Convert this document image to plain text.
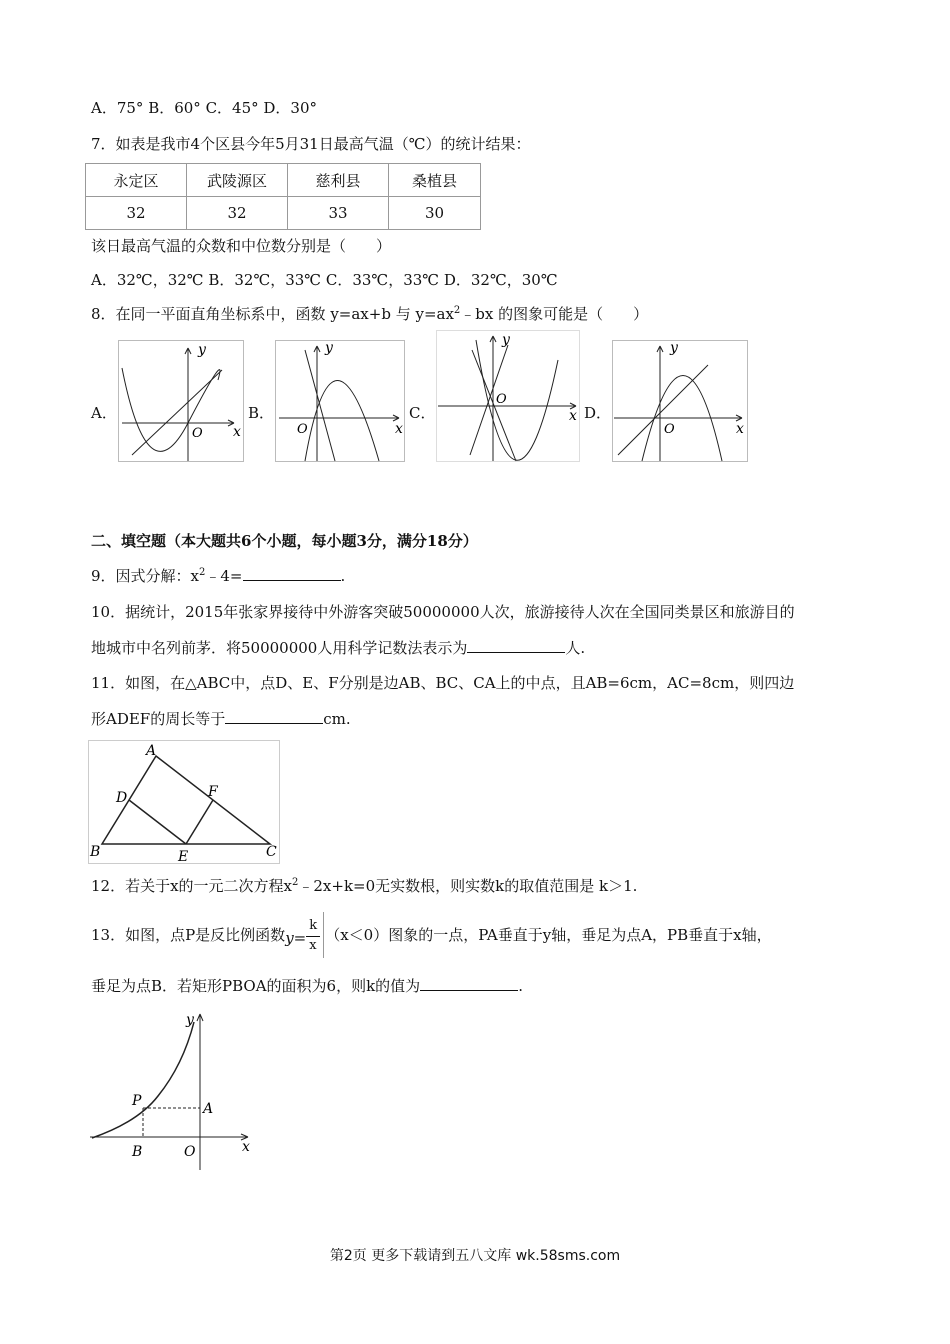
A．75° B．60° C．45° D．30°
7．如表是我市4个区县今年5月31日最高气温（℃）的统计结果：
永定区	武陵源区	慈利县	桑植县
32	32	33	30
该日最高气温的众数和中位数分别是（　　）
A．32℃，32℃ B．32℃，33℃ C．33℃，33℃ D．32℃，30℃
8．在同一平面直角坐标系中，函数 y=ax+b 与 $y=ax^2﹣bx$ 的图象可能是（　　）
A．
y
x
O
B．
y
x
O
C．
y
x
O
D．
y
x
O
二、填空题（本大题共6个小题，每小题3分，满分18分）
9．因式分解：$x^2﹣4=$	.
10．据统计，2015年张家界接待中外游客突破50000000人次，旅游接待人次在全国同类景区和旅游目的
地城市中名列前茅．将50000000人用科学记数法表示为	人.
11．如图，在△ABC中，点D、E、F分别是边AB、BC、CA上的中点，且AB=6cm，AC=8cm，则四边
形ADEF的周长等于	cm.
A
B	C
D
E
F
12．若关于x的一元二次方程$x^2﹣2x+k=0$无实数根，则实数k的取值范围是 k＞1.
13．如图，点P是反比例函数 y=
k
x
（x＜0）图象的一点，PA垂直于y轴，垂足为点A，PB垂直于x轴，
垂足为点B．若矩形PBOA的面积为6，则k的值为	.
y
x
P	A
B	O
第2页 更多下载请到五八文库 wk.58sms.com
